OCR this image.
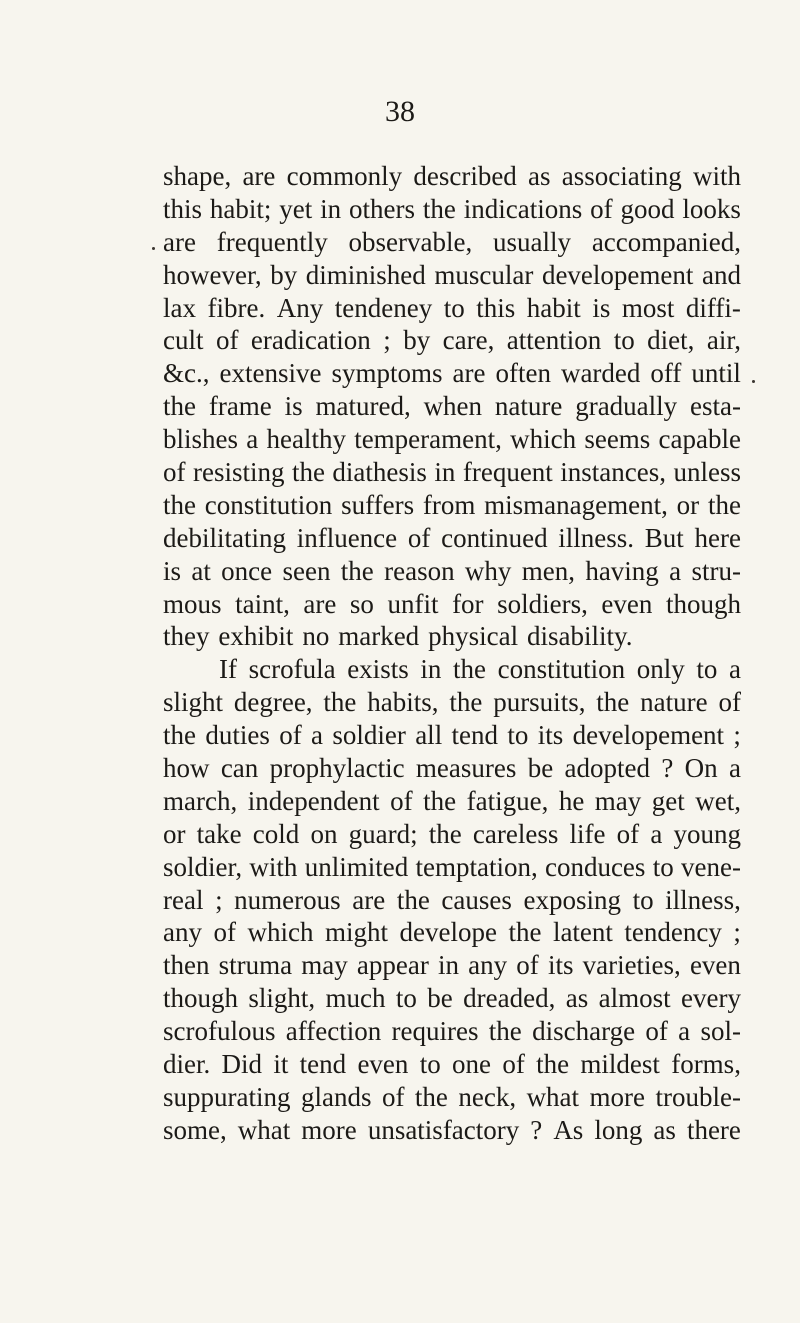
38
shape, are commonly described as associating with
this habit; yet in others the indications of good looks
are frequently observable, usually accompanied,
however, by diminished muscular developement and
lax fibre. Any tendeney to this habit is most diffi-
cult of eradication ; by care, attention to diet, air,
&c., extensive symptoms are often warded off until
the frame is matured, when nature gradually esta-
blishes a healthy temperament, which seems capable
of resisting the diathesis in frequent instances, unless
the constitution suffers from mismanagement, or the
debilitating influence of continued illness. But here
is at once seen the reason why men, having a stru-
mous taint, are so unfit for soldiers, even though
they exhibit no marked physical disability.
If scrofula exists in the constitution only to a
slight degree, the habits, the pursuits, the nature of
the duties of a soldier all tend to its developement ;
how can prophylactic measures be adopted ? On a
march, independent of the fatigue, he may get wet,
or take cold on guard; the careless life of a young
soldier, with unlimited temptation, conduces to vene-
real ; numerous are the causes exposing to illness,
any of which might develope the latent tendency ;
then struma may appear in any of its varieties, even
though slight, much to be dreaded, as almost every
scrofulous affection requires the discharge of a sol-
dier. Did it tend even to one of the mildest forms,
suppurating glands of the neck, what more trouble-
some, what more unsatisfactory ? As long as there
